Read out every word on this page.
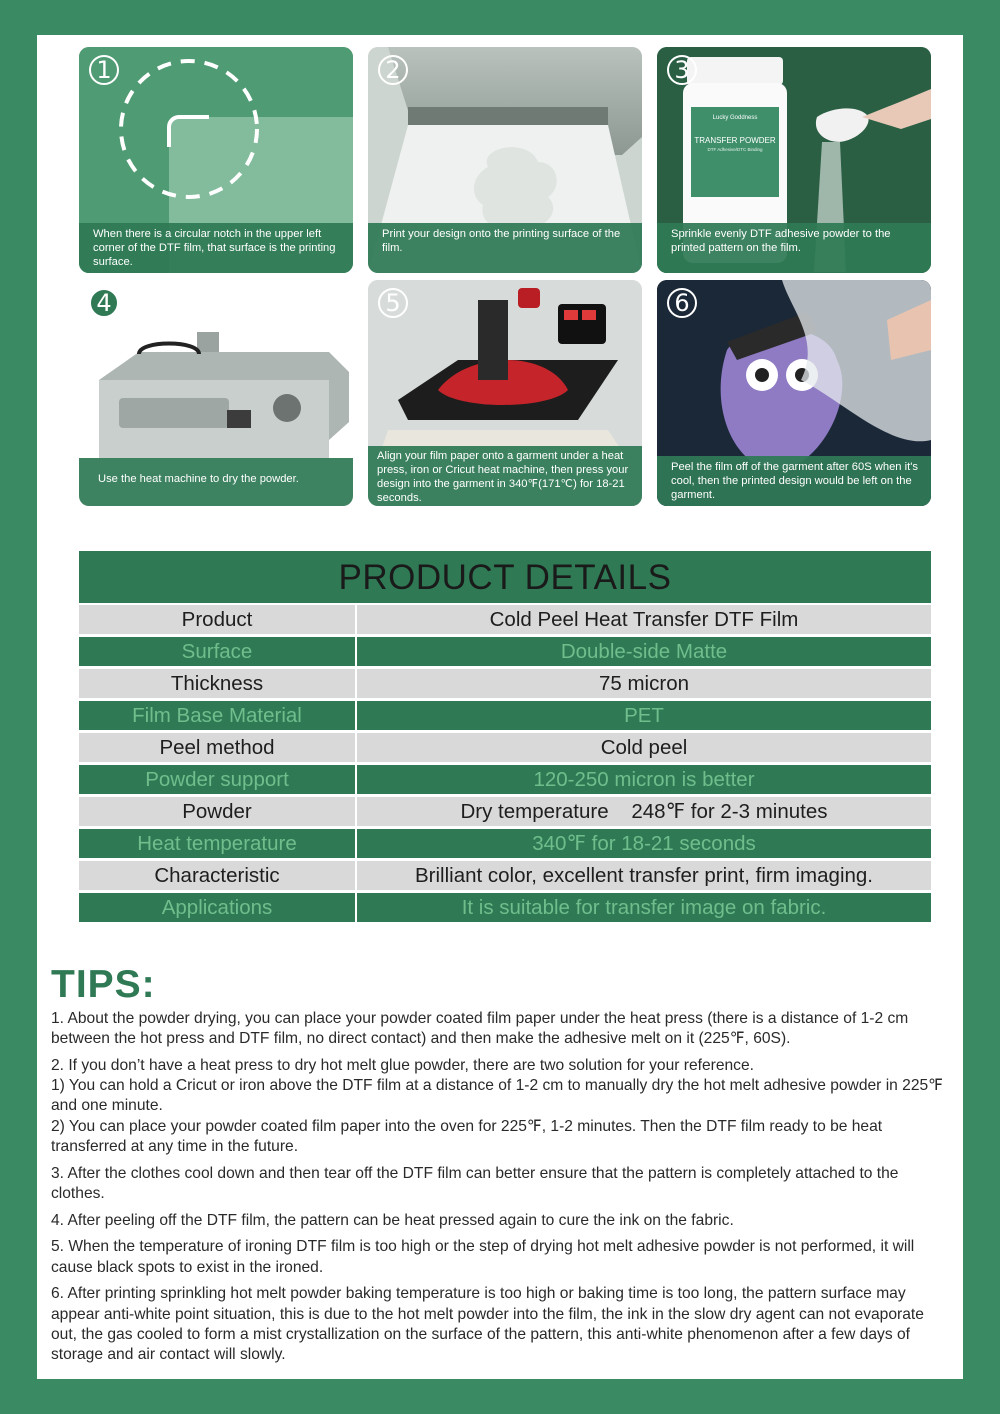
1
When there is a circular notch in the upper left corner of the DTF film, that surface is the printing surface.
2
Print your design onto the printing surface of the film.
Lucky Goddness
TRANSFER POWDER
DTF Adhesive/DTC Binding
3
Sprinkle evenly DTF adhesive powder to the printed pattern on the film.
4
Use the heat machine to dry the powder.
5
Align your film paper onto a garment under a heat press, iron or Cricut heat machine, then press your design into the garment in 340℉(171℃) for 18-21 seconds.
6
Peel the film off of the garment after 60S when it's cool, then the printed design would be left on the garment.
PRODUCT DETAILS
Product	Cold Peel Heat Transfer DTF Film
Surface	Double-side Matte
Thickness	75 micron
Film Base Material	PET
Peel method	Cold peel
Powder support	120-250 micron is better
Powder	Dry temperature    248℉ for 2-3 minutes
Heat temperature	340℉ for 18-21 seconds
Characteristic	Brilliant color, excellent transfer print, firm imaging.
Applications	It is suitable for transfer image on fabric.
TIPS:

1. About the powder drying, you can place your powder coated film paper under the heat press (there is a distance of 1-2 cm between the hot press and DTF film, no direct contact) and then make the adhesive melt on it (225℉, 60S).

2. If you don’t have a heat press to dry hot melt glue powder, there are two solution for your reference.

1) You can hold a Cricut or iron above the DTF film at a distance of 1-2 cm to manually dry the hot melt adhesive powder in 225℉ and one minute.

2) You can place your powder coated film paper into the oven for 225℉, 1-2 minutes. Then the DTF film ready to be heat transferred at any time in the future.

3. After the clothes cool down and then tear off the DTF film can better ensure that the pattern is completely attached to the clothes.

4. After peeling off the DTF film, the pattern can be heat pressed again to cure the ink on the fabric.

5. When the temperature of ironing DTF film is too high or the step of drying hot melt adhesive powder is not performed, it will cause black spots to exist in the ironed.

6. After printing sprinkling hot melt powder baking temperature is too high or baking time is too long, the pattern surface may appear anti-white point situation, this is due to the hot melt powder into the film, the ink in the slow dry agent can not evaporate out, the gas cooled to form a mist crystallization on the surface of the pattern, this anti-white phenomenon after a few days of storage and air contact will slowly.
